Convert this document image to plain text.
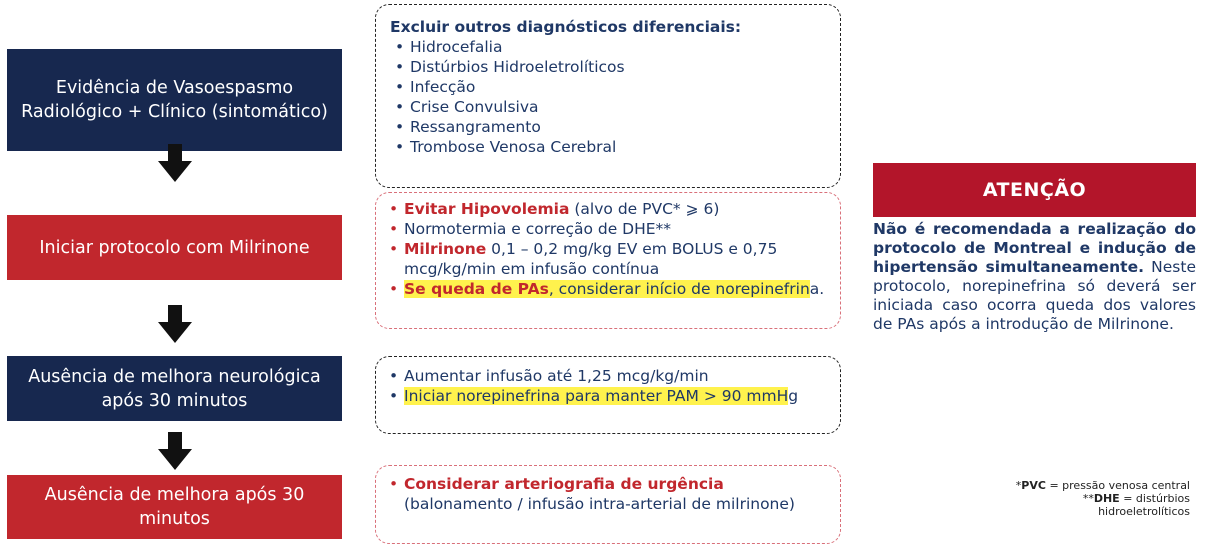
Evidência de Vasoespasmo Radiológico + Clínico (sintomático)
Iniciar protocolo com Milrinone
Ausência de melhora neurológica após 30 minutos
Ausência de melhora após 30 minutos
Excluir outros diagnósticos diferenciais:
• Hidrocefalia
• Distúrbios Hidroeletrolíticos
• Infecção
• Crise Convulsiva
• Ressangramento
• Trombose Venosa Cerebral
• Evitar Hipovolemia (alvo de PVC* ⩾ 6)
• Normotermia e correção de DHE**
• Milrinone 0,1 – 0,2 mg/kg EV em BOLUS e 0,75 mcg/kg/min em infusão contínua
• Se queda de PAs, considerar início de norepinefrina.
• Aumentar infusão até 1,25 mcg/kg/min
• Iniciar norepinefrina para manter PAM > 90 mmHg
• Considerar arteriografia de urgência
(balonamento / infusão intra-arterial de milrinone)
ATENÇÃO
Não é recomendada a realização do protocolo de Montreal e indução de hipertensão simultaneamente. Neste protocolo, norepinefrina só deverá ser iniciada caso ocorra queda dos valores de PAs após a introdução de Milrinone.
*PVC = pressão venosa central
**DHE = distúrbios
hidroeletrolíticos
